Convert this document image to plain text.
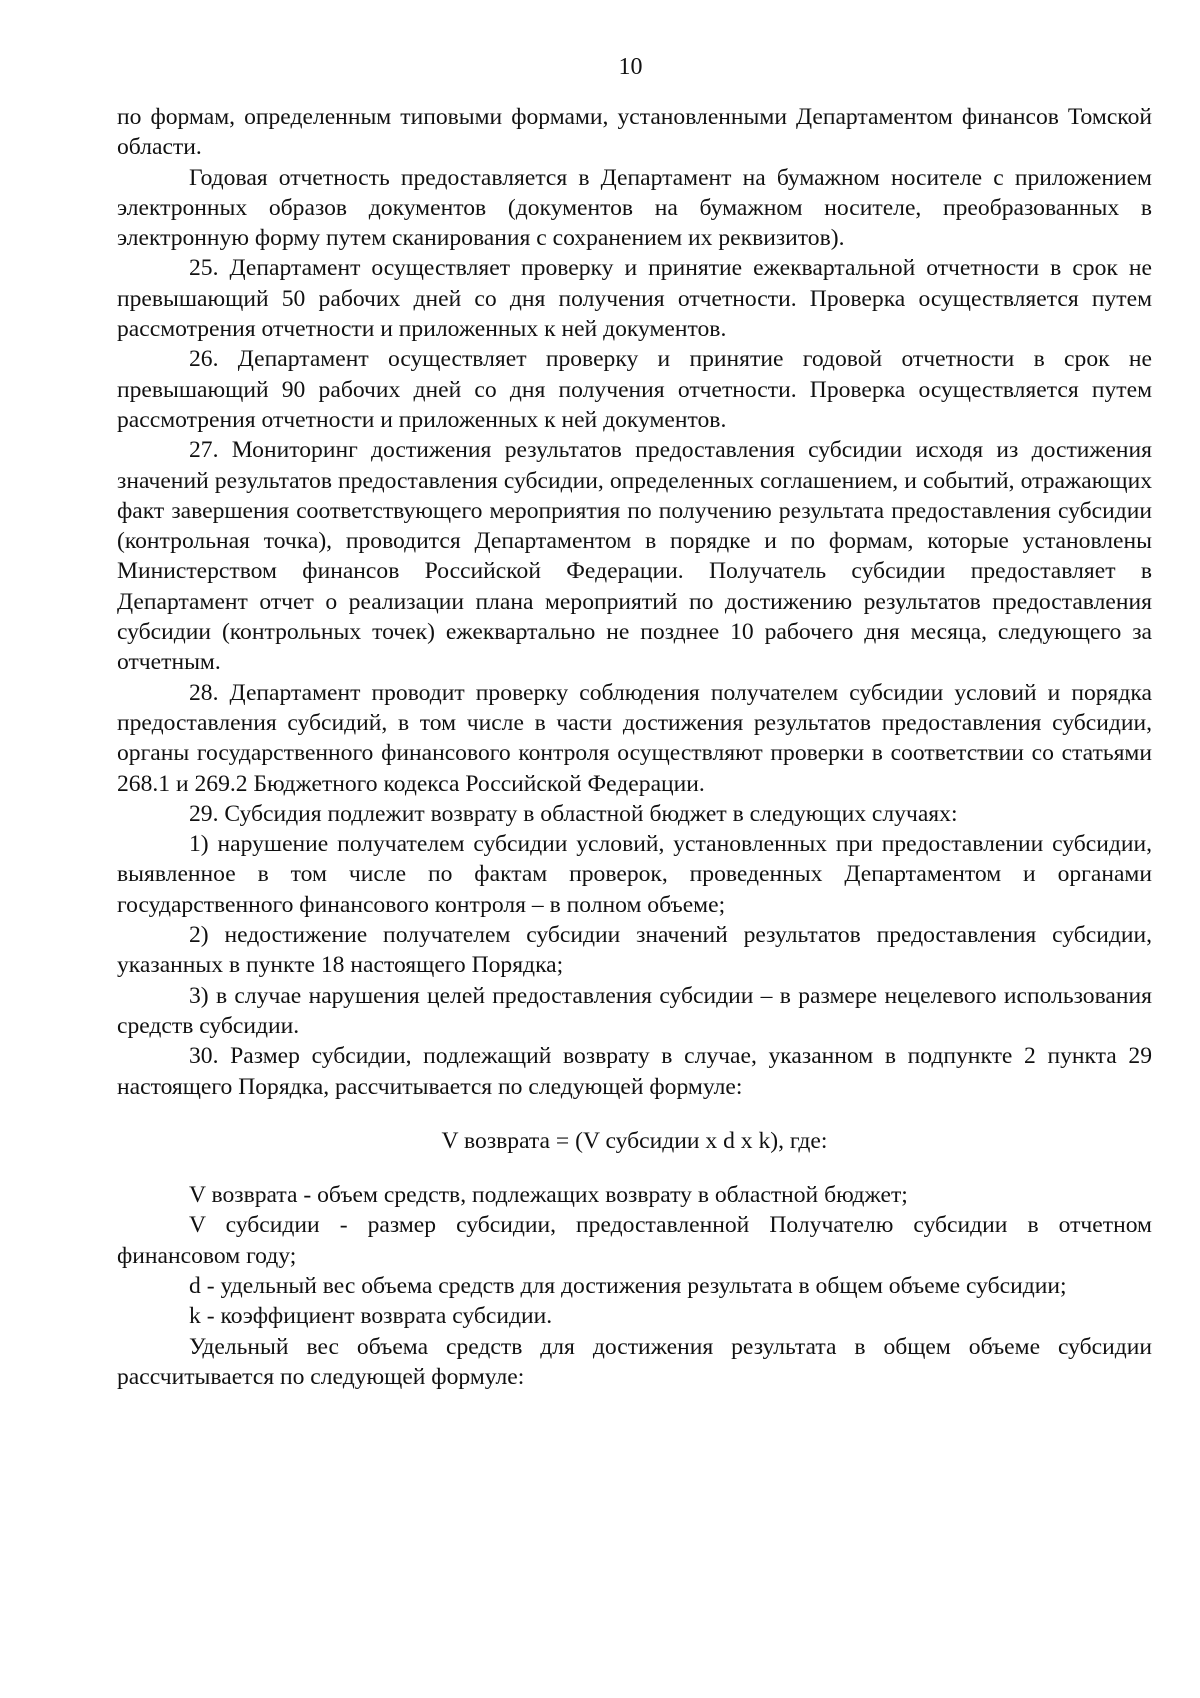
10

по формам, определенным типовыми формами, установленными Департаментом финансов Томской области.

Годовая отчетность предоставляется в Департамент на бумажном носителе с приложением электронных образов документов (документов на бумажном носителе, преобразованных в электронную форму путем сканирования с сохранением их реквизитов).

25. Департамент осуществляет проверку и принятие ежеквартальной отчетности в срок не превышающий 50 рабочих дней со дня получения отчетности. Проверка осуществляется путем рассмотрения отчетности и приложенных к ней документов.

26. Департамент осуществляет проверку и принятие годовой отчетности в срок не превышающий 90 рабочих дней со дня получения отчетности. Проверка осуществляется путем рассмотрения отчетности и приложенных к ней документов.

27. Мониторинг достижения результатов предоставления субсидии исходя из достижения значений результатов предоставления субсидии, определенных соглашением, и событий, отражающих факт завершения соответствующего мероприятия по получению результата предоставления субсидии (контрольная точка), проводится Департаментом в порядке и по формам, которые установлены Министерством финансов Российской Федерации. Получатель субсидии предоставляет в Департамент отчет о реализации плана мероприятий по достижению результатов предоставления субсидии (контрольных точек) ежеквартально не позднее 10 рабочего дня месяца, следующего за отчетным.

28. Департамент проводит проверку соблюдения получателем субсидии условий и порядка предоставления субсидий, в том числе в части достижения результатов предоставления субсидии, органы государственного финансового контроля осуществляют проверки в соответствии со статьями 268.1 и 269.2 Бюджетного кодекса Российской Федерации.

29. Субсидия подлежит возврату в областной бюджет в следующих случаях:

1) нарушение получателем субсидии условий, установленных при предоставлении субсидии, выявленное в том числе по фактам проверок, проведенных Департаментом и органами государственного финансового контроля – в полном объеме;

2) недостижение получателем субсидии значений результатов предоставления субсидии, указанных в пункте 18 настоящего Порядка;

3) в случае нарушения целей предоставления субсидии – в размере нецелевого использования средств субсидии.

30. Размер субсидии, подлежащий возврату в случае, указанном в подпункте 2 пункта 29 настоящего Порядка, рассчитывается по следующей формуле:

V возврата = (V субсидии x d x k), где:

V возврата - объем средств, подлежащих возврату в областной бюджет;

V субсидии - размер субсидии, предоставленной Получателю субсидии в отчетном финансовом году;

d - удельный вес объема средств для достижения результата в общем объеме субсидии;

k - коэффициент возврата субсидии.

Удельный вес объема средств для достижения результата в общем объеме субсидии рассчитывается по следующей формуле:
